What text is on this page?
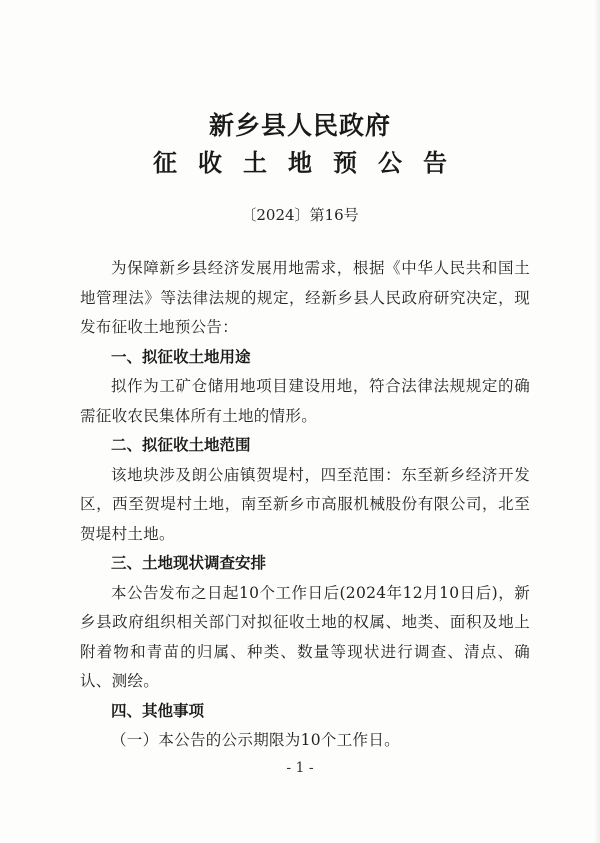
新乡县人民政府
征收土地预公告
〔2024〕第16号

为保障新乡县经济发展用地需求，根据《中华人民共和国土地管理法》等法律法规的规定，经新乡县人民政府研究决定，现发布征收土地预公告：

一、拟征收土地用途

拟作为工矿仓储用地项目建设用地，符合法律法规规定的确需征收农民集体所有土地的情形。

二、拟征收土地范围

该地块涉及朗公庙镇贺堤村，四至范围：东至新乡经济开发区，西至贺堤村土地，南至新乡市高服机械股份有限公司，北至贺堤村土地。

三、土地现状调查安排

本公告发布之日起10个工作日后(2024年12月10日后)，新乡县政府组织相关部门对拟征收土地的权属、地类、面积及地上附着物和青苗的归属、种类、数量等现状进行调查、清点、确认、测绘。

四、其他事项

（一）本公告的公示期限为10个工作日。

- 1 -
